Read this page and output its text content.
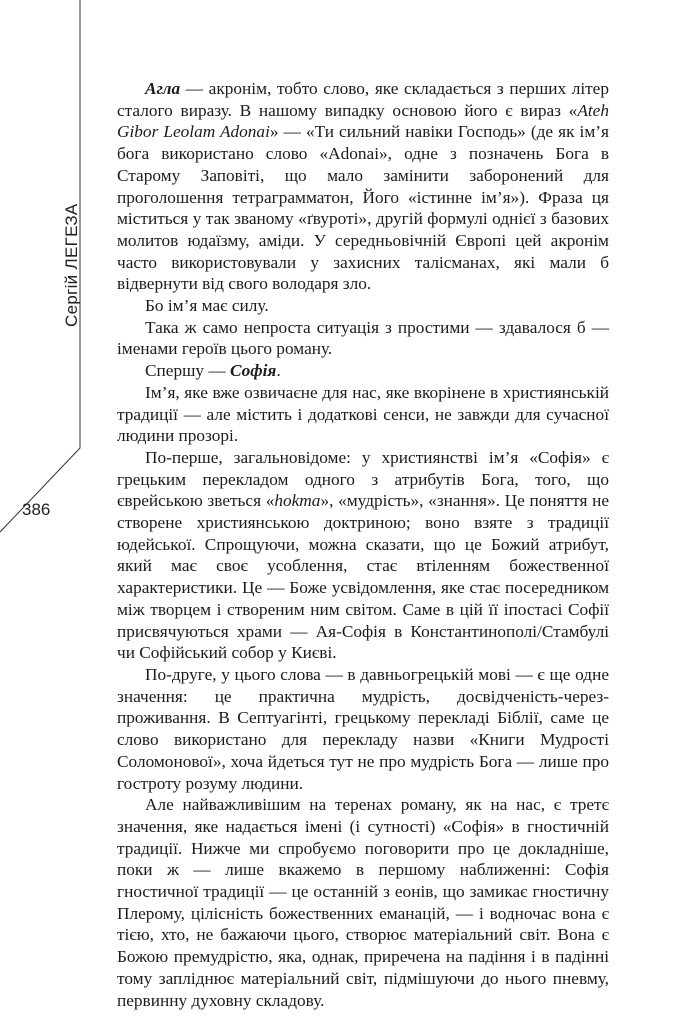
Сергій ЛЕГЕЗА
386

Агла — акронім, тобто слово, яке складається з перших літер сталого виразу. В нашому випадку основою його є вираз «Ateh Gibor Leolam Adonai» — «Ти сильний навіки Господь» (де як ім’я бога використано слово «Adonai», одне з позначень Бога в Старому Заповіті, що мало замінити заборонений для проголошення тетраграмматон, Його «істинне ім’я»). Фраза ця міститься у так званому «ґвуроті», другій формулі однієї з базових молитов юдаїзму, аміди. У середньовічній Європі цей акронім часто використовували у захисних талісманах, які мали б відвернути від свого володаря зло.

Бо ім’я має силу.

Така ж само непроста ситуація з простими — здавалося б — іменами героїв цього роману.

Спершу — Софія.

Ім’я, яке вже озвичаєне для нас, яке вкорінене в християнській традиції — але містить і додаткові сенси, не завжди для сучасної людини прозорі.

По-перше, загальновідоме: у християнстві ім’я «Софія» є грецьким перекладом одного з атрибутів Бога, того, що єврейською зветься «hokma», «мудрість», «знання». Це поняття не створене християнською доктриною; воно взяте з традиції юдейської. Спрощуючи, можна сказати, що це Божий атрибут, який має своє усоблення, стає втіленням божественної характеристики. Це — Боже усвідомлення, яке стає посередником між творцем і створеним ним світом. Саме в цій її іпостасі Софії присвячуються храми — Ая-Софія в Константинополі/Стамбулі чи Софійський собор у Києві.

По-друге, у цього слова — в давньогрецькій мові — є ще одне значення: це практична мудрість, досвідченість-через-проживання. В Септуагінті, грецькому перекладі Біблії, саме це слово використано для перекладу назви «Книги Мудрості Соломонової», хоча йдеться тут не про мудрість Бога — лише про гостроту розуму людини.

Але найважливішим на теренах роману, як на нас, є третє значення, яке надається імені (і сутності) «Софія» в гностичній традиції. Нижче ми спробуємо поговорити про це докладніше, поки ж — лише вкажемо в першому наближенні: Софія гностичної традиції — це останній з еонів, що замикає гностичну Плерому, цілісність божественних еманацій, — і водночас вона є тією, хто, не бажаючи цього, створює матеріальний світ. Вона є Божою премудрістю, яка, однак, приречена на падіння і в падінні тому запліднює матеріальний світ, підмішуючи до нього пневму, первинну духовну складову.
